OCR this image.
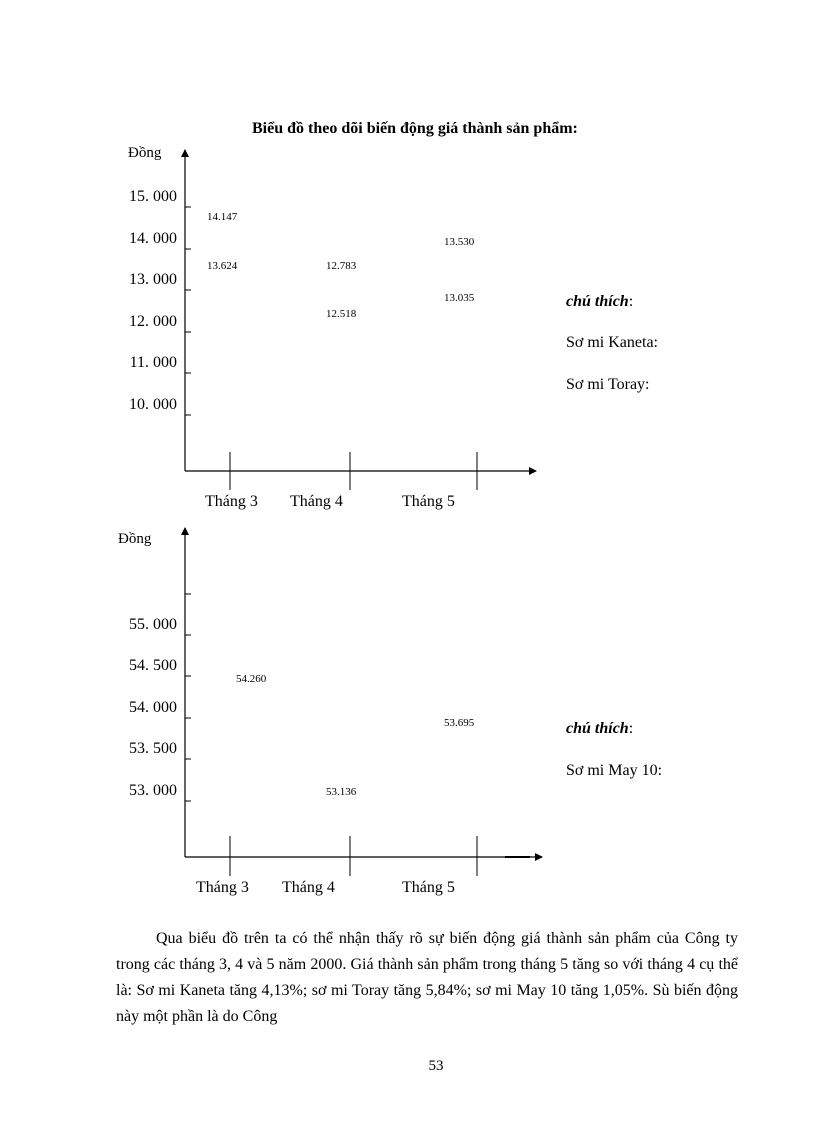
Biểu đồ theo dõi biến động giá thành sản phẩm:
Đồng
15. 000
14. 000
13. 000
12. 000
11. 000
10. 000
14.147
12.518
13.035
13.624	12.783
13.530
Tháng 3 Tháng 4	Tháng 5
chú thích:
Sơ mi Kaneta:
Sơ mi Toray:
Đồng
55. 000
54. 500
54. 000
53. 500
53. 000
54.260
53.136
53.695
Tháng 3 Tháng 4	Tháng 5
chú thích:
Sơ mi May 10:
Qua biểu đồ trên ta có thể nhận thấy rõ sự biến động giá thành sản phẩm của Công ty trong các tháng 3, 4 và 5 năm 2000. Giá thành sản phẩm trong tháng 5 tăng so với tháng 4 cụ thể là: Sơ mi Kaneta tăng 4,13%; sơ mi Toray tăng 5,84%; sơ mi May 10 tăng 1,05%. Sù biến động này một phần là do Công
53
